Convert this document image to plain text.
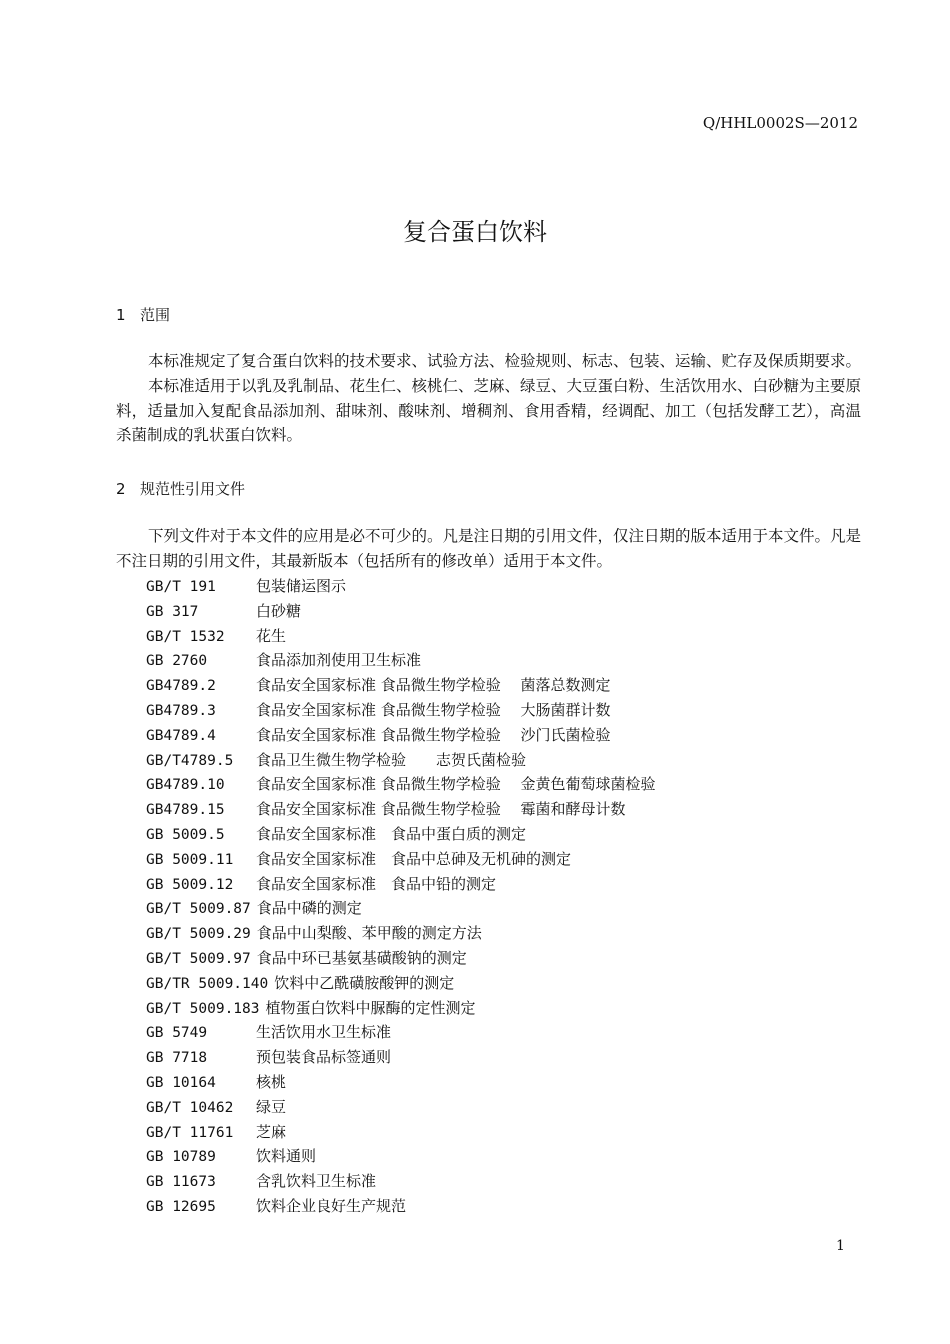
Q/HHL0002S—2012
复合蛋白饮料
1 范围
本标准规定了复合蛋白饮料的技术要求、试验方法、检验规则、标志、包装、运输、贮存及保质期要求。
本标准适用于以乳及乳制品、花生仁、核桃仁、芝麻、绿豆、大豆蛋白粉、生活饮用水、白砂糖为主要原料，适量加入复配食品添加剂、甜味剂、酸味剂、增稠剂、食用香精，经调配、加工（包括发酵工艺），高温杀菌制成的乳状蛋白饮料。
2 规范性引用文件
下列文件对于本文件的应用是必不可少的。凡是注日期的引用文件，仅注日期的版本适用于本文件。凡是不注日期的引用文件，其最新版本（包括所有的修改单）适用于本文件。
GB/T 191	包装储运图示
GB 317	白砂糖
GB/T 1532 花生
GB 2760	食品添加剂使用卫生标准
GB4789.2	食品安全国家标准 食品微生物学检验　 菌落总数测定
GB4789.3	食品安全国家标准 食品微生物学检验　 大肠菌群计数
GB4789.4	食品安全国家标准 食品微生物学检验　 沙门氏菌检验
GB/T4789.5 食品卫生微生物学检验　　志贺氏菌检验
GB4789.10 食品安全国家标准 食品微生物学检验　 金黄色葡萄球菌检验
GB4789.15 食品安全国家标准 食品微生物学检验　 霉菌和酵母计数
GB 5009.5 食品安全国家标准　食品中蛋白质的测定
GB 5009.11 食品安全国家标准　食品中总砷及无机砷的测定
GB 5009.12 食品安全国家标准　食品中铅的测定
GB/T 5009.87 食品中磷的测定
GB/T 5009.29 食品中山梨酸、苯甲酸的测定方法
GB/T 5009.97 食品中环已基氨基磺酸钠的测定
GB/TR 5009.140 饮料中乙酰磺胺酸钾的测定
GB/T 5009.183 植物蛋白饮料中脲酶的定性测定
GB 5749	生活饮用水卫生标准
GB 7718	预包装食品标签通则
GB 10164	核桃
GB/T 10462 绿豆
GB/T 11761 芝麻
GB 10789	饮料通则
GB 11673	含乳饮料卫生标准
GB 12695	饮料企业良好生产规范
1
